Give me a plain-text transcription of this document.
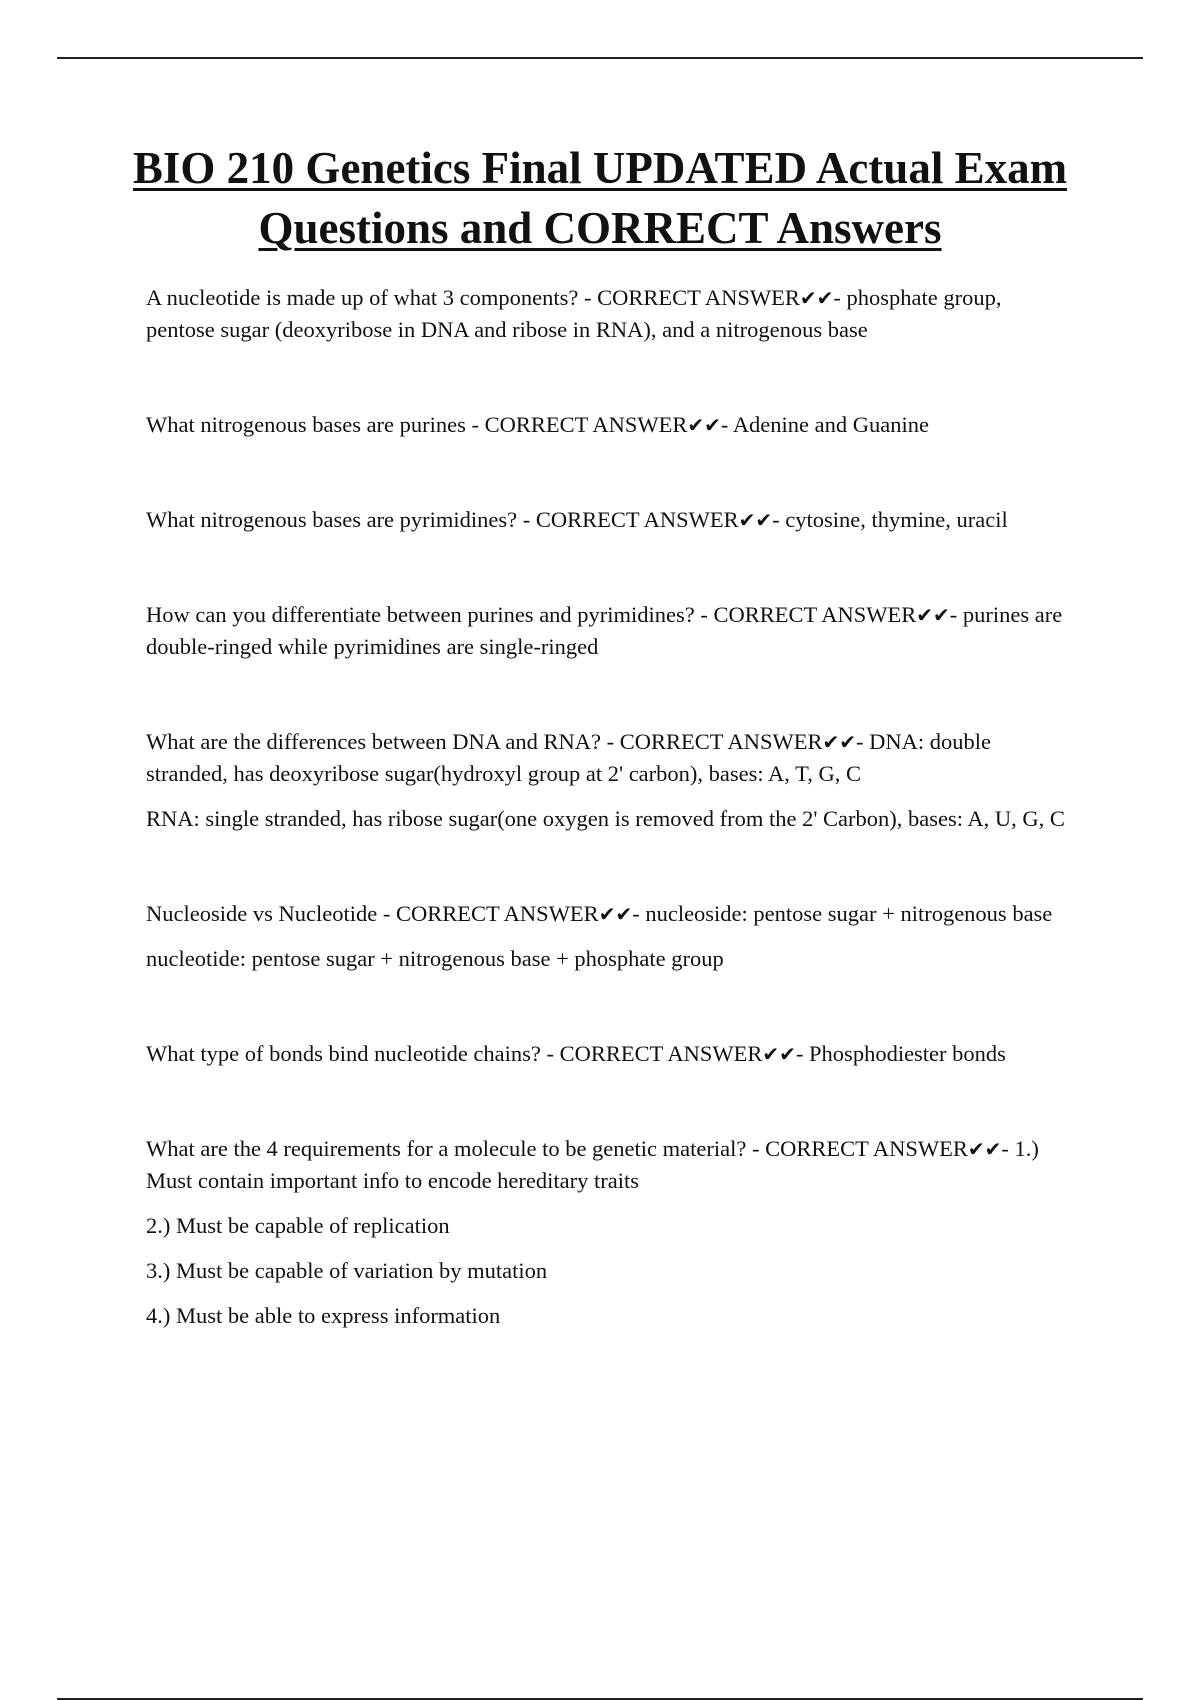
BIO 210 Genetics Final UPDATED Actual Exam Questions and CORRECT Answers

A nucleotide is made up of what 3 components? - CORRECT ANSWER✔✔- phosphate group, pentose sugar (deoxyribose in DNA and ribose in RNA), and a nitrogenous base

What nitrogenous bases are purines - CORRECT ANSWER✔✔- Adenine and Guanine

What nitrogenous bases are pyrimidines? - CORRECT ANSWER✔✔- cytosine, thymine, uracil

How can you differentiate between purines and pyrimidines? - CORRECT ANSWER✔✔- purines are double-ringed while pyrimidines are single-ringed

What are the differences between DNA and RNA? - CORRECT ANSWER✔✔- DNA: double stranded, has deoxyribose sugar(hydroxyl group at 2' carbon), bases: A, T, G, C

RNA: single stranded, has ribose sugar(one oxygen is removed from the 2' Carbon), bases: A, U, G, C

Nucleoside vs Nucleotide - CORRECT ANSWER✔✔- nucleoside: pentose sugar + nitrogenous base

nucleotide: pentose sugar + nitrogenous base + phosphate group

What type of bonds bind nucleotide chains? - CORRECT ANSWER✔✔- Phosphodiester bonds

What are the 4 requirements for a molecule to be genetic material? - CORRECT ANSWER✔✔- 1.) Must contain important info to encode hereditary traits

2.) Must be capable of replication

3.) Must be capable of variation by mutation

4.) Must be able to express information
